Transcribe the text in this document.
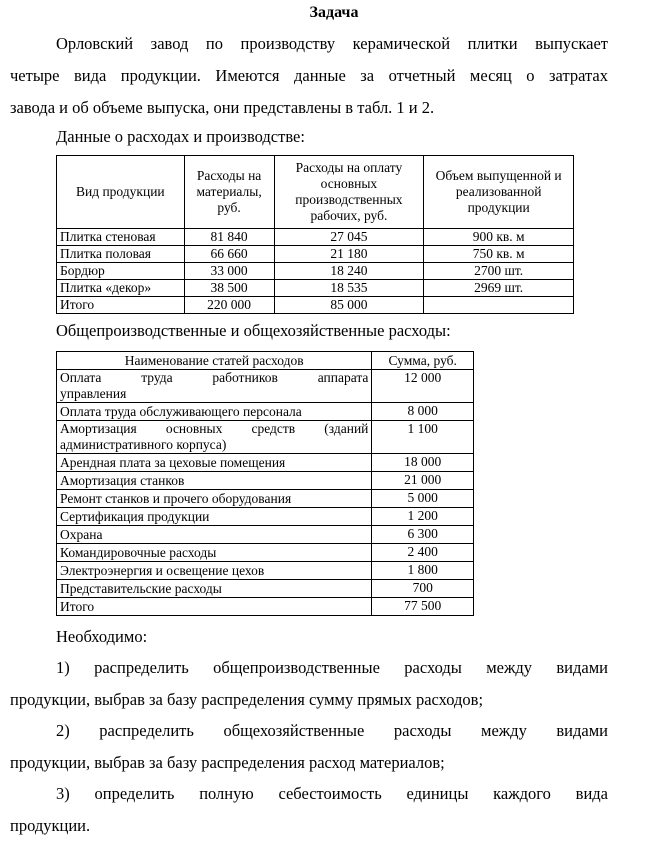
Задача
Орловский завод по производству керамической плитки выпускает
четыре вида продукции. Имеются данные за отчетный месяц о затратах
завода и об объеме выпуска, они представлены в табл. 1 и 2.
Данные о расходах и производстве:
Вид продукции	Расходы на материалы, руб.	Расходы на оплату основных производственных рабочих, руб.	Объем выпущенной и реализованной продукции
Плитка стеновая	81 840	27 045	900 кв. м
Плитка половая	66 660	21 180	750 кв. м
Бордюр	33 000	18 240	2700 шт.
Плитка «декор»	38 500	18 535	2969 шт.
Итого	220 000	85 000	
Общепроизводственные и общехозяйственные расходы:
Наименование статей расходов	Сумма, руб.

Оплата труда работников аппарата
управления	12 000
Оплата труда обслуживающего персонала	8 000

Амортизация основных средств (зданий
административного корпуса)	1 100
Арендная плата за цеховые помещения	18 000
Амортизация станков	21 000
Ремонт станков и прочего оборудования	5 000
Сертификация продукции	1 200
Охрана	6 300
Командировочные расходы	2 400
Электроэнергия и освещение цехов	1 800
Представительские расходы	700
Итого	77 500
Необходимо:
1) распределить общепроизводственные расходы между видами
продукции, выбрав за базу распределения сумму прямых расходов;
2) распределить общехозяйственные расходы между видами
продукции, выбрав за базу распределения расход материалов;
3) определить полную себестоимость единицы каждого вида
продукции.
